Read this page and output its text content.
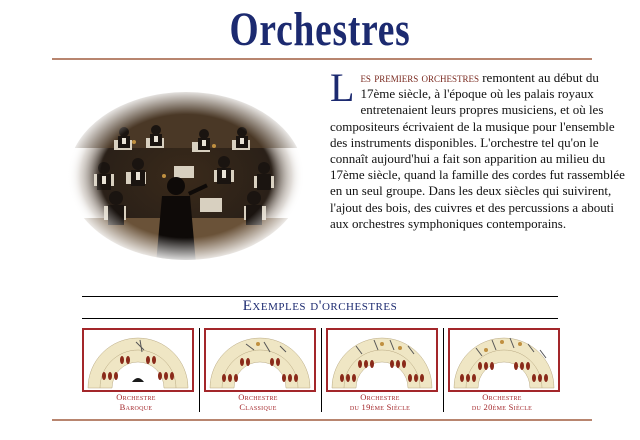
Orchestres
Les premiers orchestres remontent au début du 17ème siècle, à l'époque où les palais royaux entretenaient leurs propres musiciens, et où les compositeurs écrivaient de la musique pour l'ensemble des instruments disponibles. L'orchestre tel qu'on le connaît aujourd'hui a fait son apparition au milieu du 17ème siècle, quand la famille des cordes fut rassemblée en un seul groupe. Dans les deux siècles qui suivirent, l'ajout des bois, des cuivres et des percussions a abouti aux orchestres symphoniques contemporains.
Exemples d'orchestres
Orchestre
Baroque
Orchestre
Classique
Orchestre
du 19ème Siècle
Orchestre
du 20ème Siècle
